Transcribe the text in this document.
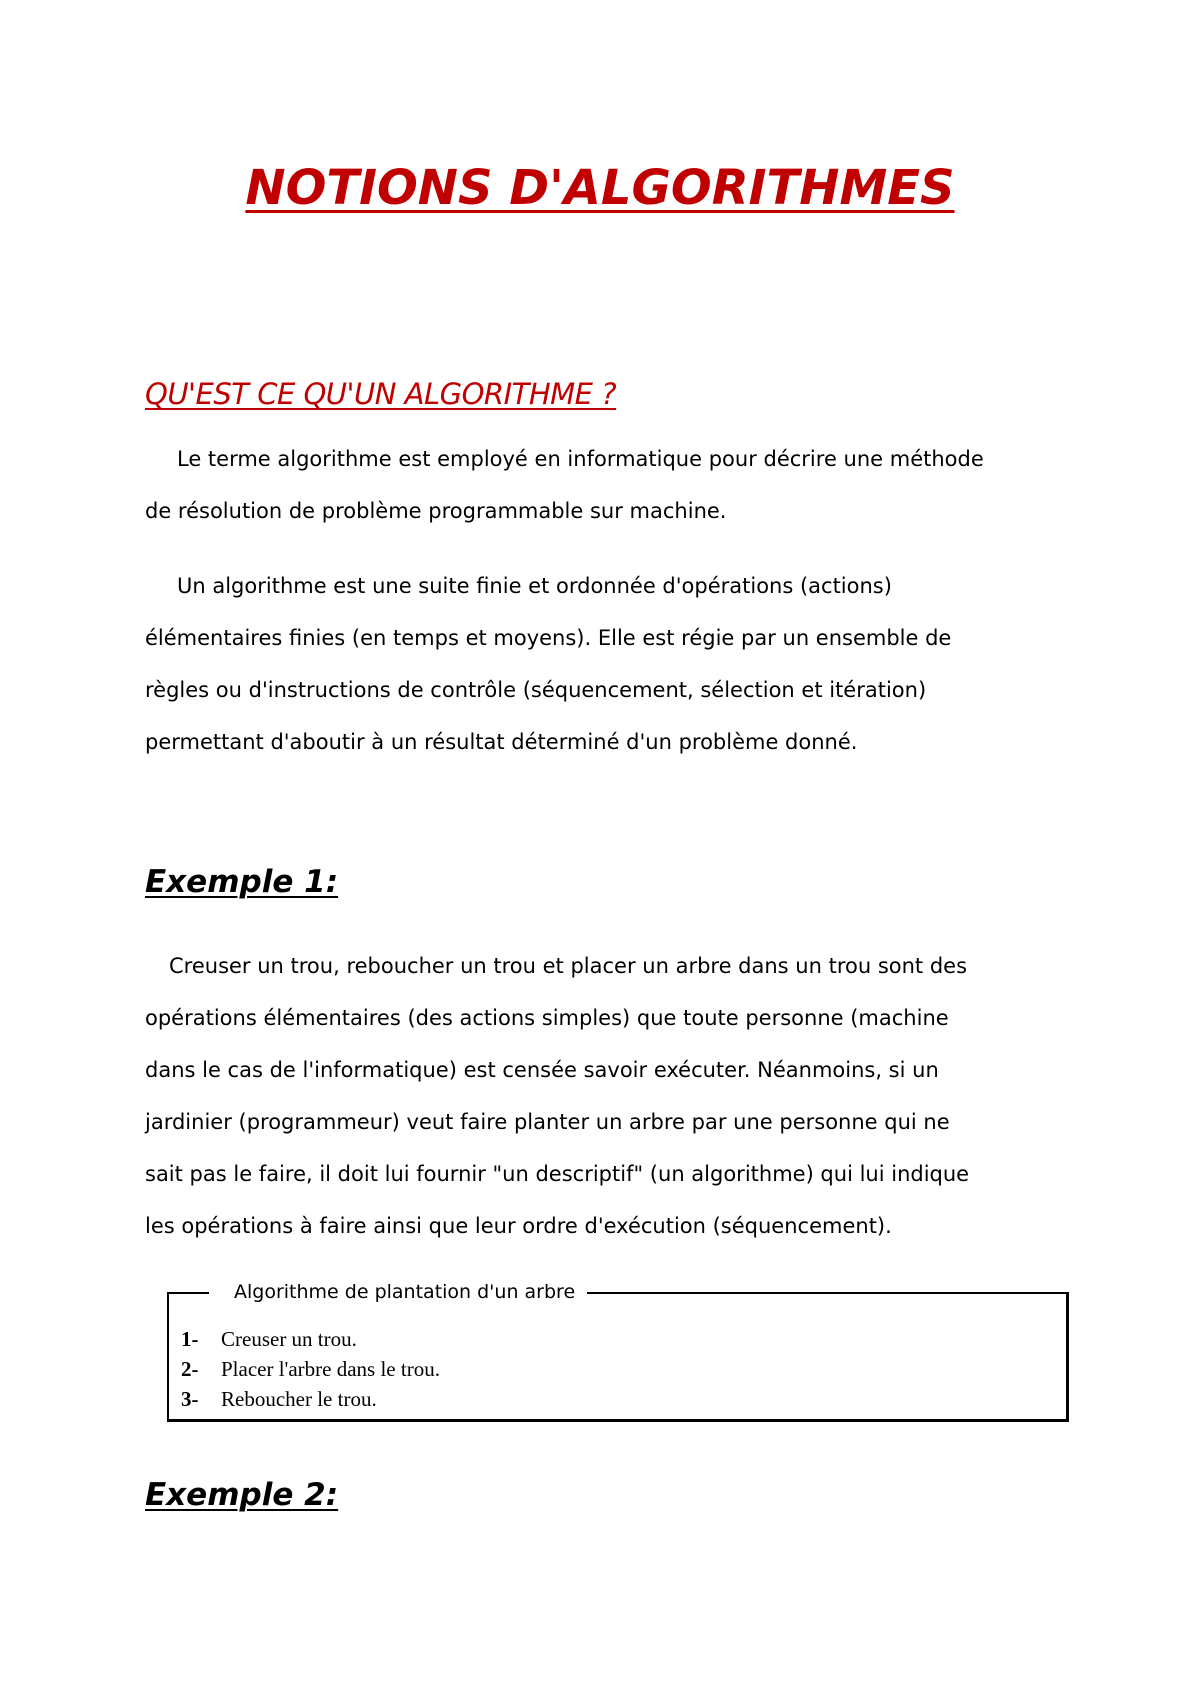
NOTIONS D'ALGORITHMES
QU'EST CE QU'UN ALGORITHME ?
Le terme algorithme est employé en informatique pour décrire une méthode
de résolution de problème programmable sur machine.
Un algorithme est une suite finie et ordonnée d'opérations (actions)
élémentaires finies (en temps et moyens). Elle est régie par un ensemble de
règles ou d'instructions de contrôle (séquencement, sélection et itération)
permettant d'aboutir à un résultat déterminé d'un problème donné.
Exemple 1:
Creuser un trou, reboucher un trou et placer un arbre dans un trou sont des
opérations élémentaires (des actions simples) que toute personne (machine
dans le cas de l'informatique) est censée savoir exécuter. Néanmoins, si un
jardinier (programmeur) veut faire planter un arbre par une personne qui ne
sait pas le faire, il doit lui fournir "un descriptif" (un algorithme) qui lui indique
les opérations à faire ainsi que leur ordre d'exécution (séquencement).
Algorithme de plantation d'un arbre
1- Creuser un trou.
2- Placer l'arbre dans le trou.
3- Reboucher le trou.
Exemple 2:
